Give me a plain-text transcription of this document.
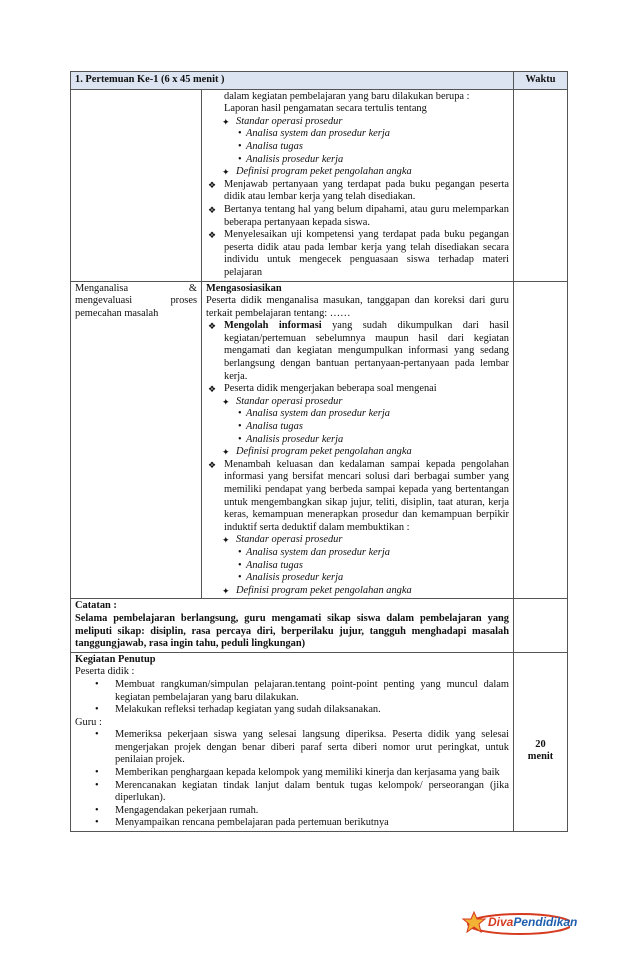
1. Pertemuan Ke-1 (6 x 45 menit )	Waktu
dalam kegiatan pembelajaran yang baru dilakukan berupa :
Laporan hasil pengamatan secara tertulis tentang
✦ Standar operasi prosedur
• Analisa system dan prosedur kerja
• Analisa tugas
• Analisis prosedur kerja
✦ Definisi program peket pengolahan angka
❖ Menjawab pertanyaan yang terdapat pada buku pegangan peserta didik atau lembar kerja yang telah disediakan.
❖ Bertanya tentang hal yang belum dipahami, atau guru melemparkan beberapa pertanyaan kepada siswa.
❖ Menyelesaikan uji kompetensi yang terdapat pada buku pegangan peserta didik atau pada lembar kerja yang telah disediakan secara individu untuk mengecek penguasaan siswa terhadap materi pelajaran
Menganalisa & mengevaluasi proses pemecahan masalah
Mengasosiasikan
Peserta didik menganalisa masukan, tanggapan dan koreksi dari guru terkait pembelajaran tentang: ……
❖ Mengolah informasi yang sudah dikumpulkan dari hasil kegiatan/pertemuan sebelumnya maupun hasil dari kegiatan mengamati dan kegiatan mengumpulkan informasi yang sedang berlangsung dengan bantuan pertanyaan-pertanyaan pada lembar kerja.
❖ Peserta didik mengerjakan beberapa soal mengenai
✦ Standar operasi prosedur
• Analisa system dan prosedur kerja
• Analisa tugas
• Analisis prosedur kerja
✦ Definisi program peket pengolahan angka
❖ Menambah keluasan dan kedalaman sampai kepada pengolahan informasi yang bersifat mencari solusi dari berbagai sumber yang memiliki pendapat yang berbeda sampai kepada yang bertentangan untuk mengembangkan sikap jujur, teliti, disiplin, taat aturan, kerja keras, kemampuan menerapkan prosedur dan kemampuan berpikir induktif serta deduktif dalam membuktikan :
✦ Standar operasi prosedur
• Analisa system dan prosedur kerja
• Analisa tugas
• Analisis prosedur kerja
✦ Definisi program peket pengolahan angka
Catatan :
Selama pembelajaran berlangsung, guru mengamati sikap siswa dalam pembelajaran yang meliputi sikap: disiplin, rasa percaya diri, berperilaku jujur, tangguh menghadapi masalah tanggungjawab, rasa ingin tahu, peduli lingkungan)
Kegiatan Penutup
Peserta didik :
• Membuat rangkuman/simpulan pelajaran.tentang point-point penting yang muncul dalam kegiatan pembelajaran yang baru dilakukan.
• Melakukan refleksi terhadap kegiatan yang sudah dilaksanakan.
Guru :
• Memeriksa pekerjaan siswa yang selesai langsung diperiksa. Peserta didik yang selesai mengerjakan projek dengan benar diberi paraf serta diberi nomor urut peringkat, untuk penilaian projek.
• Memberikan penghargaan kepada kelompok yang memiliki kinerja dan kerjasama yang baik
• Merencanakan kegiatan tindak lanjut dalam bentuk tugas kelompok/ perseorangan (jika diperlukan).
• Mengagendakan pekerjaan rumah.
• Menyampaikan rencana pembelajaran pada pertemuan berikutnya
20
menit
DivaPendidikan
